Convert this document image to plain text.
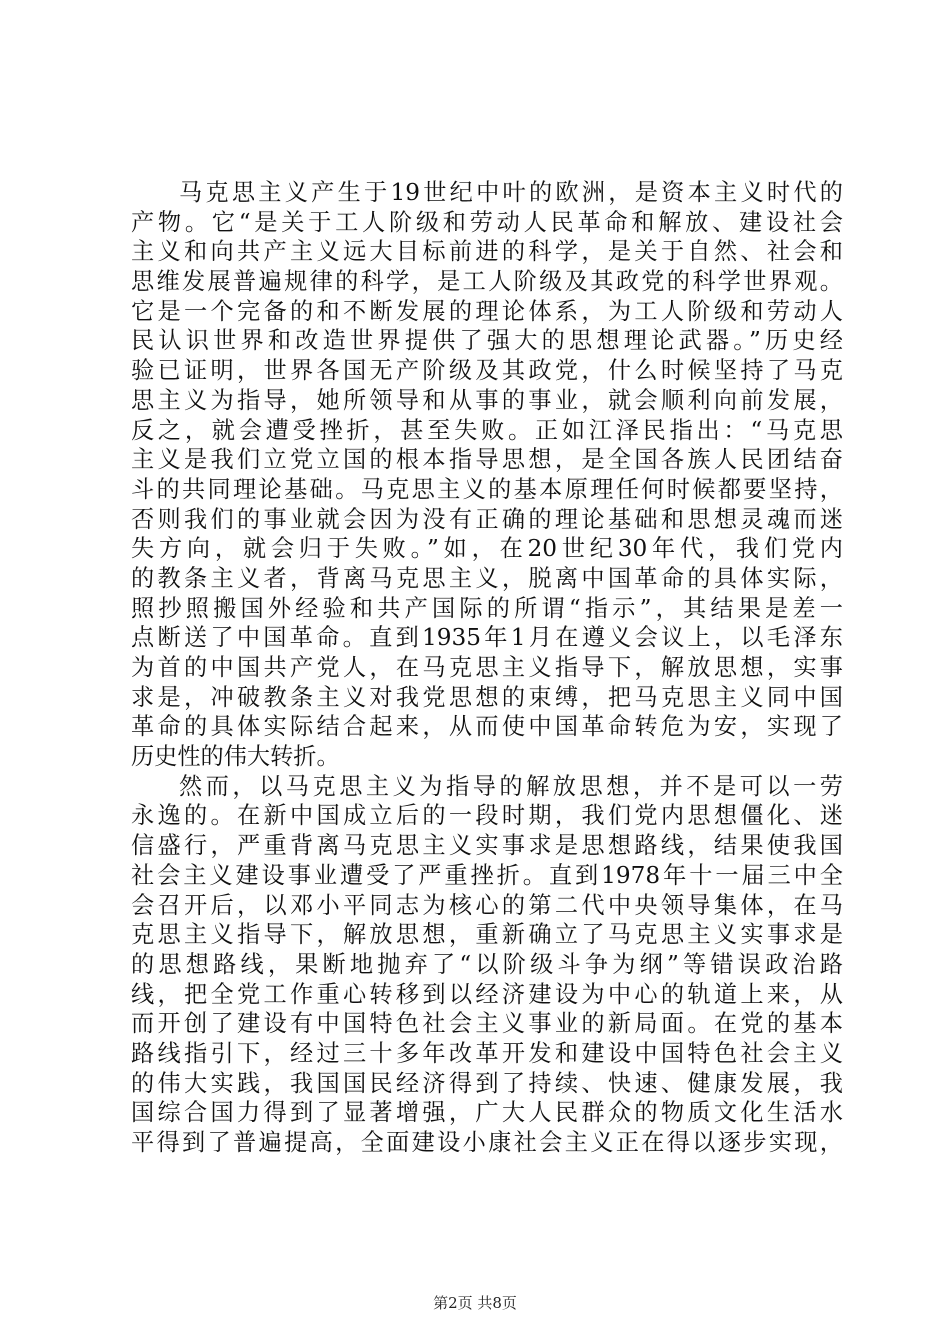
马克思主义产生于19世纪中叶的欧洲，是资本主义时代的
产物。它“是关于工人阶级和劳动人民革命和解放、建设社会
主义和向共产主义远大目标前进的科学，是关于自然、社会和
思维发展普遍规律的科学，是工人阶级及其政党的科学世界观。
它是一个完备的和不断发展的理论体系，为工人阶级和劳动人
民认识世界和改造世界提供了强大的思想理论武器。”历史经
验已证明，世界各国无产阶级及其政党，什么时候坚持了马克
思主义为指导，她所领导和从事的事业，就会顺利向前发展，
反之，就会遭受挫折，甚至失败。正如江泽民指出：“马克思
主义是我们立党立国的根本指导思想，是全国各族人民团结奋
斗的共同理论基础。马克思主义的基本原理任何时候都要坚持，
否则我们的事业就会因为没有正确的理论基础和思想灵魂而迷
失方向，就会归于失败。”如，在20世纪30年代，我们党内
的教条主义者，背离马克思主义，脱离中国革命的具体实际，
照抄照搬国外经验和共产国际的所谓“指示”，其结果是差一
点断送了中国革命。直到1935年1月在遵义会议上，以毛泽东
为首的中国共产党人，在马克思主义指导下，解放思想，实事
求是，冲破教条主义对我党思想的束缚，把马克思主义同中国
革命的具体实际结合起来，从而使中国革命转危为安，实现了
历史性的伟大转折。
然而，以马克思主义为指导的解放思想，并不是可以一劳
永逸的。在新中国成立后的一段时期，我们党内思想僵化、迷
信盛行，严重背离马克思主义实事求是思想路线，结果使我国
社会主义建设事业遭受了严重挫折。直到1978年十一届三中全
会召开后，以邓小平同志为核心的第二代中央领导集体，在马
克思主义指导下，解放思想，重新确立了马克思主义实事求是
的思想路线，果断地抛弃了“以阶级斗争为纲”等错误政治路
线，把全党工作重心转移到以经济建设为中心的轨道上来，从
而开创了建设有中国特色社会主义事业的新局面。在党的基本
路线指引下，经过三十多年改革开发和建设中国特色社会主义
的伟大实践，我国国民经济得到了持续、快速、健康发展，我
国综合国力得到了显著增强，广大人民群众的物质文化生活水
平得到了普遍提高，全面建设小康社会主义正在得以逐步实现，
第2页 共8页
